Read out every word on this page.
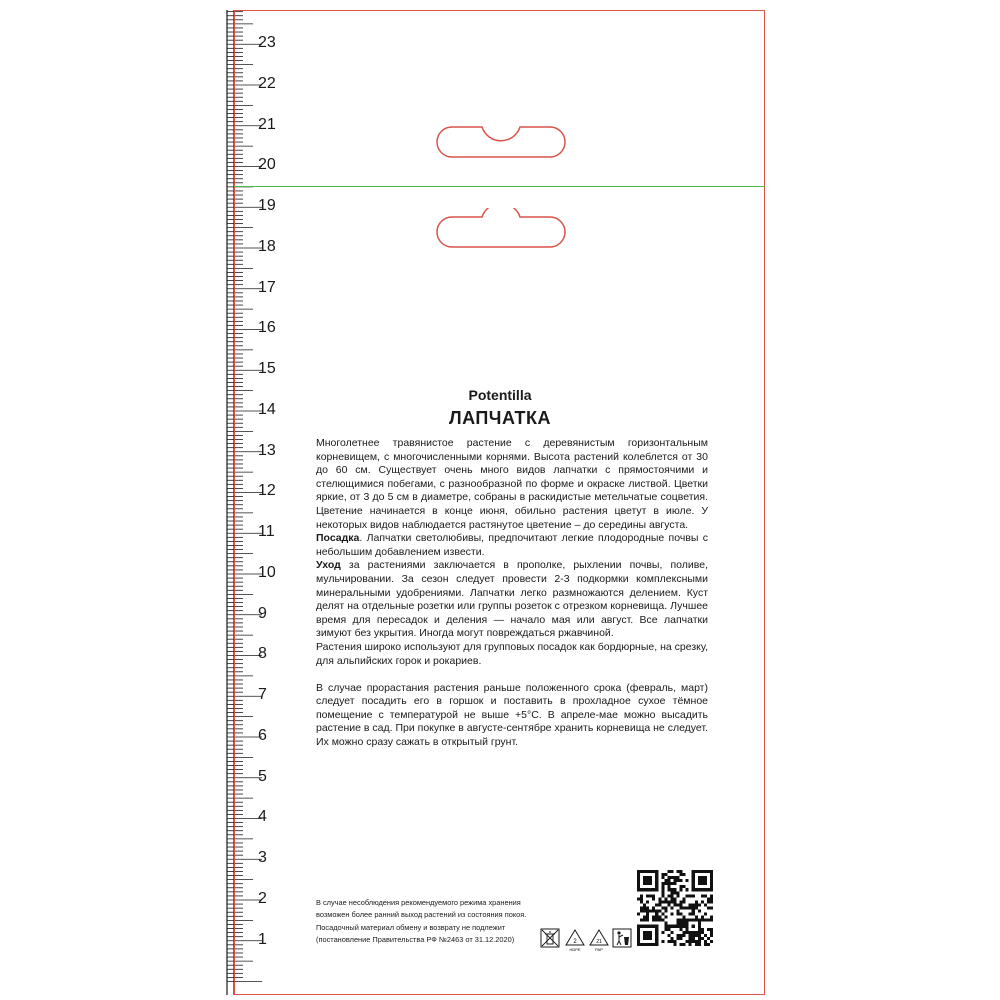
23
22
21
20
19
18
17
16
15
14
13
12
11
10
9
8
7
6
5
4
3
2
1
Potentilla
ЛАПЧАТКА

Многолетнее травянистое растение с деревянистым горизонтальным корневищем, с многочисленными корнями. Высота растений колеблется от 30 до 60 см. Существует очень много видов лапчатки с прямостоячими и стелющимися побегами, с разнообразной по форме и окраске листвой. Цветки яркие, от 3 до 5 см в диаметре, собраны в раскидистые метельчатые соцветия. Цветение начинается в конце июня, обильно растения цветут в июле. У некоторых видов наблюдается растянутое цветение – до середины августа.

Посадка. Лапчатки светолюбивы, предпочитают легкие плодородные почвы с небольшим добавлением извести.

Уход за растениями заключается в прополке, рыхлении почвы, поливе, мульчировании. За сезон следует провести 2-3 подкормки комплексными минеральными удобрениями. Лапчатки легко размножаются делением. Куст делят на отдельные розетки или группы розеток с отрезком корневища. Лучшее время для пересадок и деления — начало мая или август. Все лапчатки зимуют без укрытия. Иногда могут повреждаться ржавчиной.

Растения широко используют для групповых посадок как бордюрные, на срезку, для альпийских горок и рокариев.

В случае прорастания растения раньше положенного срока (февраль, март) следует посадить его в горшок и поставить в прохладное сухое тёмное помещение с температурой не выше +5°С. В апреле-мае можно высадить растение в сад. При покупке в августе-сентябре хранить корневища не следует. Их можно сразу сажать в открытый грунт.

В случае несоблюдения рекомендуемого режима хранения
возможен более ранний выход растений из состояния покоя.
Посадочный материал обмену и возврату не подлежит
(постановление Правительства РФ №2463 от 31.12.2020)	2
HDPE
21
PAP
